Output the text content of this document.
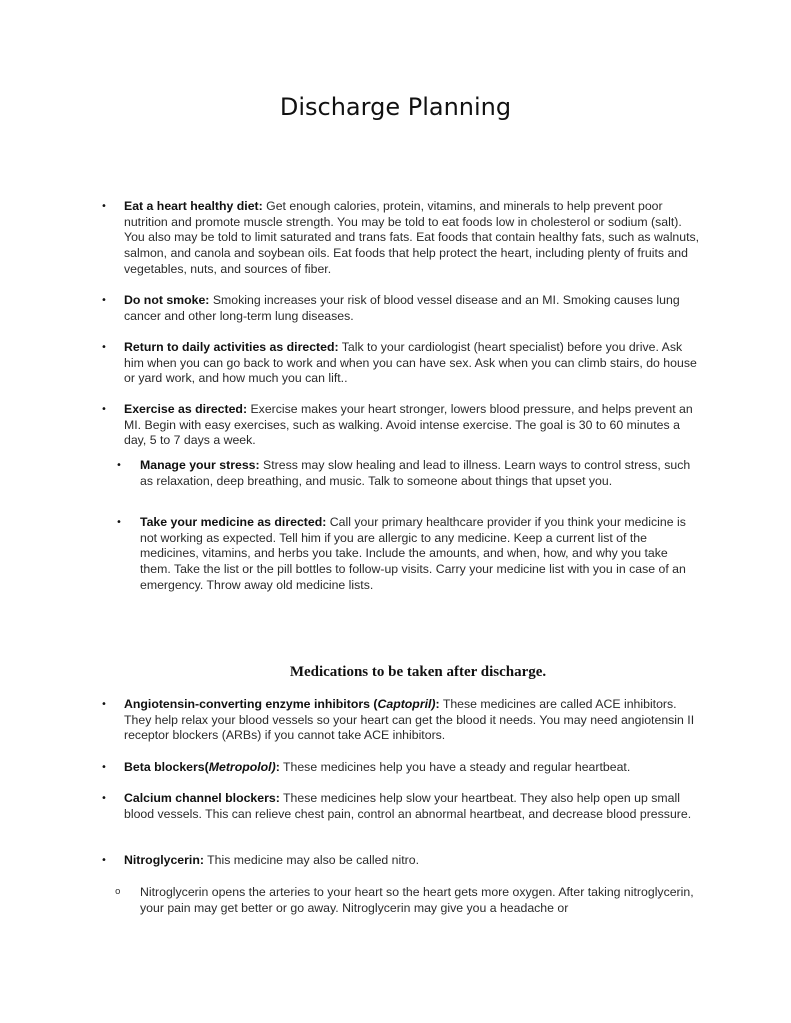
Discharge Planning
• Eat a heart healthy diet: Get enough calories, protein, vitamins, and minerals to help prevent poor nutrition and promote muscle strength. You may be told to eat foods low in cholesterol or sodium (salt). You also may be told to limit saturated and trans fats. Eat foods that contain healthy fats, such as walnuts, salmon, and canola and soybean oils. Eat foods that help protect the heart, including plenty of fruits and vegetables, nuts, and sources of fiber.

• Do not smoke: Smoking increases your risk of blood vessel disease and an MI. Smoking causes lung cancer and other long-term lung diseases.

• Return to daily activities as directed: Talk to your cardiologist (heart specialist) before you drive. Ask him when you can go back to work and when you can have sex. Ask when you can climb stairs, do house or yard work, and how much you can lift..

• Exercise as directed: Exercise makes your heart stronger, lowers blood pressure, and helps prevent an MI. Begin with easy exercises, such as walking. Avoid intense exercise. The goal is 30 to 60 minutes a day, 5 to 7 days a week.

• Manage your stress: Stress may slow healing and lead to illness. Learn ways to control stress, such as relaxation, deep breathing, and music. Talk to someone about things that upset you.

• Take your medicine as directed: Call your primary healthcare provider if you think your medicine is not working as expected. Tell him if you are allergic to any medicine. Keep a current list of the medicines, vitamins, and herbs you take. Include the amounts, and when, how, and why you take them. Take the list or the pill bottles to follow-up visits. Carry your medicine list with you in case of an emergency. Throw away old medicine lists.

Medications to be taken after discharge.
• Angiotensin-converting enzyme inhibitors (Captopril): These medicines are called ACE inhibitors. They help relax your blood vessels so your heart can get the blood it needs. You may need angiotensin II receptor blockers (ARBs) if you cannot take ACE inhibitors.

• Beta blockers(Metropolol): These medicines help you have a steady and regular heartbeat.

• Calcium channel blockers: These medicines help slow your heartbeat. They also help open up small blood vessels. This can relieve chest pain, control an abnormal heartbeat, and decrease blood pressure.

• Nitroglycerin: This medicine may also be called nitro.

o Nitroglycerin opens the arteries to your heart so the heart gets more oxygen. After taking nitroglycerin, your pain may get better or go away. Nitroglycerin may give you a headache or
